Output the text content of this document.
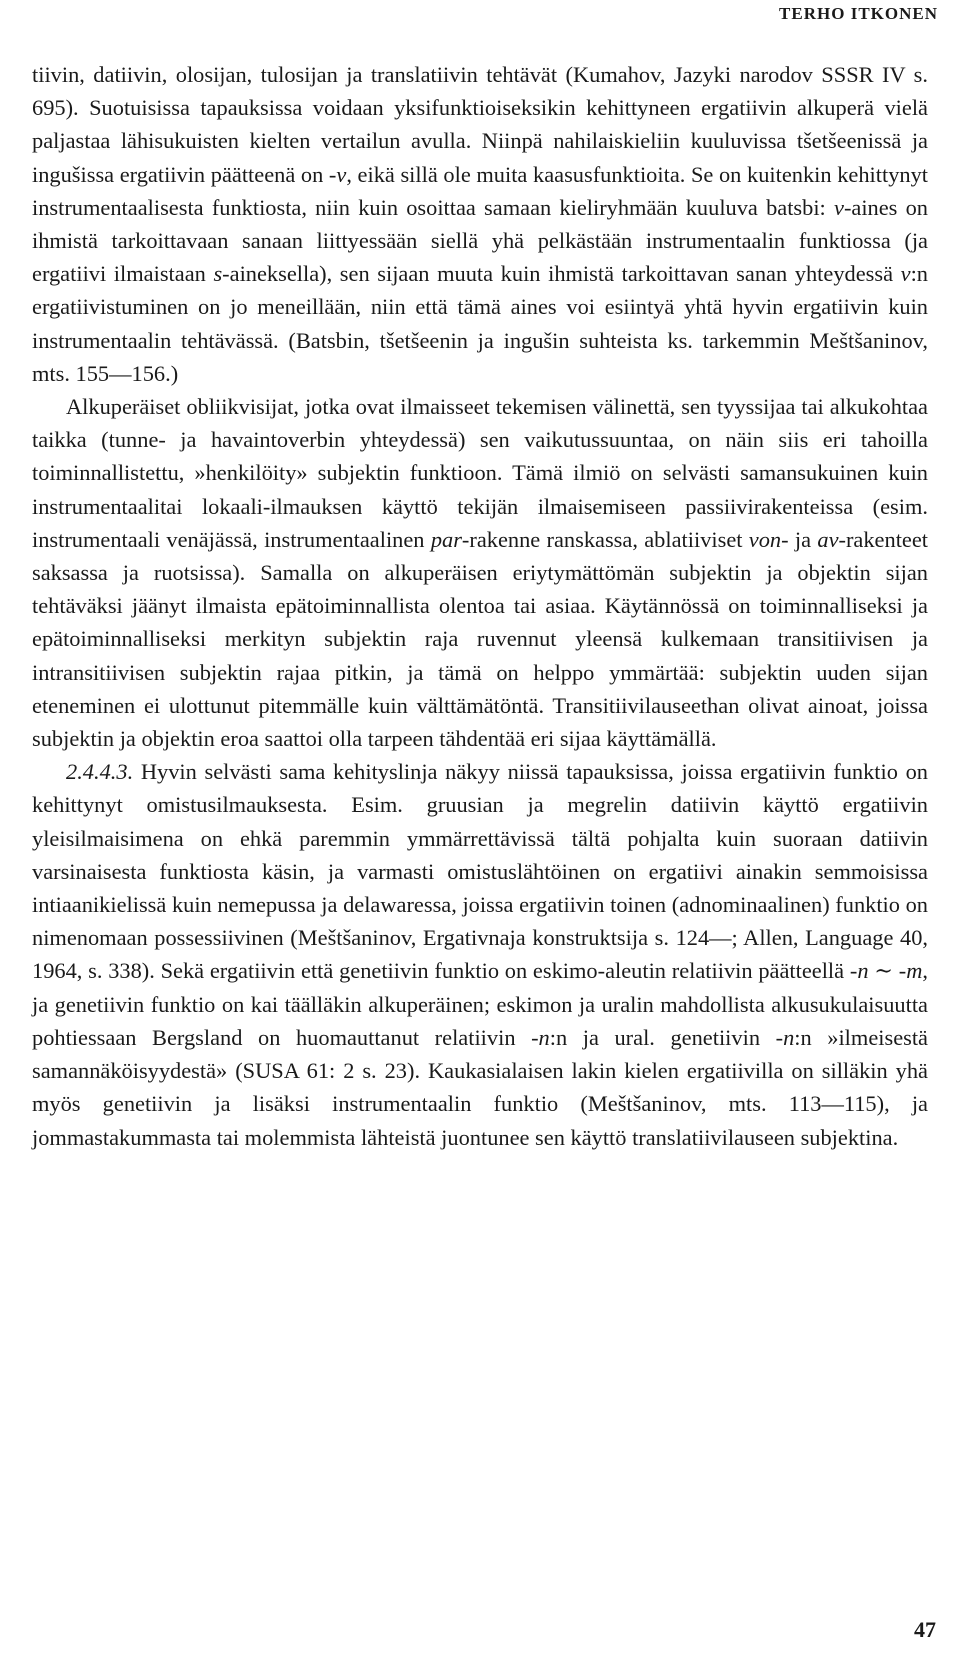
TERHO ITKONEN

tiivin, datiivin, olosijan, tulosijan ja translatiivin tehtävät (Kumahov, Jazyki narodov SSSR IV s. 695). Suotuisissa tapauksissa voidaan yksifunktioiseksikin kehittyneen ergatiivin alkuperä vielä paljastaa lähisukuisten kielten vertailun avulla. Niinpä nahilaiskieliin kuuluvissa tšetšeenissä ja ingušissa ergatiivin päätteenä on -v, eikä sillä ole muita kaasusfunktioita. Se on kuitenkin kehittynyt instrumentaalisesta funktiosta, niin kuin osoittaa samaan kieliryhmään kuuluva batsbi: v-aines on ihmistä tarkoittavaan sanaan liittyessään siellä yhä pelkästään instrumentaalin funktiossa (ja ergatiivi ilmaistaan s-aineksella), sen sijaan muuta kuin ihmistä tarkoittavan sanan yhteydessä v:n ergatiivistuminen on jo meneillään, niin että tämä aines voi esiintyä yhtä hyvin ergatiivin kuin instrumentaalin tehtävässä. (Batsbin, tšetšeenin ja ingušin suhteista ks. tarkemmin Meštšaninov, mts. 155—156.)

Alkuperäiset obliikvisijat, jotka ovat ilmaisseet tekemisen välinettä, sen tyyssijaa tai alkukohtaa taikka (tunne- ja havaintoverbin yhteydessä) sen vaikutussuuntaa, on näin siis eri tahoilla toiminnallistettu, »henkilöity» subjektin funktioon. Tämä ilmiö on selvästi samansukuinen kuin instrumentaalitai lokaali-ilmauksen käyttö tekijän ilmaisemiseen passiivirakenteissa (esim. instrumentaali venäjässä, instrumentaalinen par-rakenne ranskassa, ablatiiviset von- ja av-rakenteet saksassa ja ruotsissa). Samalla on alkuperäisen eriytymättömän subjektin ja objektin sijan tehtäväksi jäänyt ilmaista epätoiminnallista olentoa tai asiaa. Käytännössä on toiminnalliseksi ja epätoiminnalliseksi merkityn subjektin raja ruvennut yleensä kulkemaan transitiivisen ja intransitiivisen subjektin rajaa pitkin, ja tämä on helppo ymmärtää: subjektin uuden sijan eteneminen ei ulottunut pitemmälle kuin välttämätöntä. Transitiivilauseethan olivat ainoat, joissa subjektin ja objektin eroa saattoi olla tarpeen tähdentää eri sijaa käyttämällä.

2.4.4.3. Hyvin selvästi sama kehityslinja näkyy niissä tapauksissa, joissa ergatiivin funktio on kehittynyt omistusilmauksesta. Esim. gruusian ja megrelin datiivin käyttö ergatiivin yleisilmaisimena on ehkä paremmin ymmärrettävissä tältä pohjalta kuin suoraan datiivin varsinaisesta funktiosta käsin, ja varmasti omistuslähtöinen on ergatiivi ainakin semmoisissa intiaanikielissä kuin nemepussa ja delawaressa, joissa ergatiivin toinen (adnominaalinen) funktio on nimenomaan possessiivinen (Meštšaninov, Ergativnaja konstruktsija s. 124—; Allen, Language 40, 1964, s. 338). Sekä ergatiivin että genetiivin funktio on eskimo-aleutin relatiivin päätteellä -n ∼ -m, ja genetiivin funktio on kai täälläkin alkuperäinen; eskimon ja uralin mahdollista alkusukulaisuutta pohtiessaan Bergsland on huomauttanut relatiivin -n:n ja ural. genetiivin -n:n »ilmeisestä samannäköisyydestä» (SUSA 61: 2 s. 23). Kaukasialaisen lakin kielen ergatiivilla on silläkin yhä myös genetiivin ja lisäksi instrumentaalin funktio (Meštšaninov, mts. 113—115), ja jommastakummasta tai molemmista lähteistä juontunee sen käyttö translatiivilauseen subjektina.

47
